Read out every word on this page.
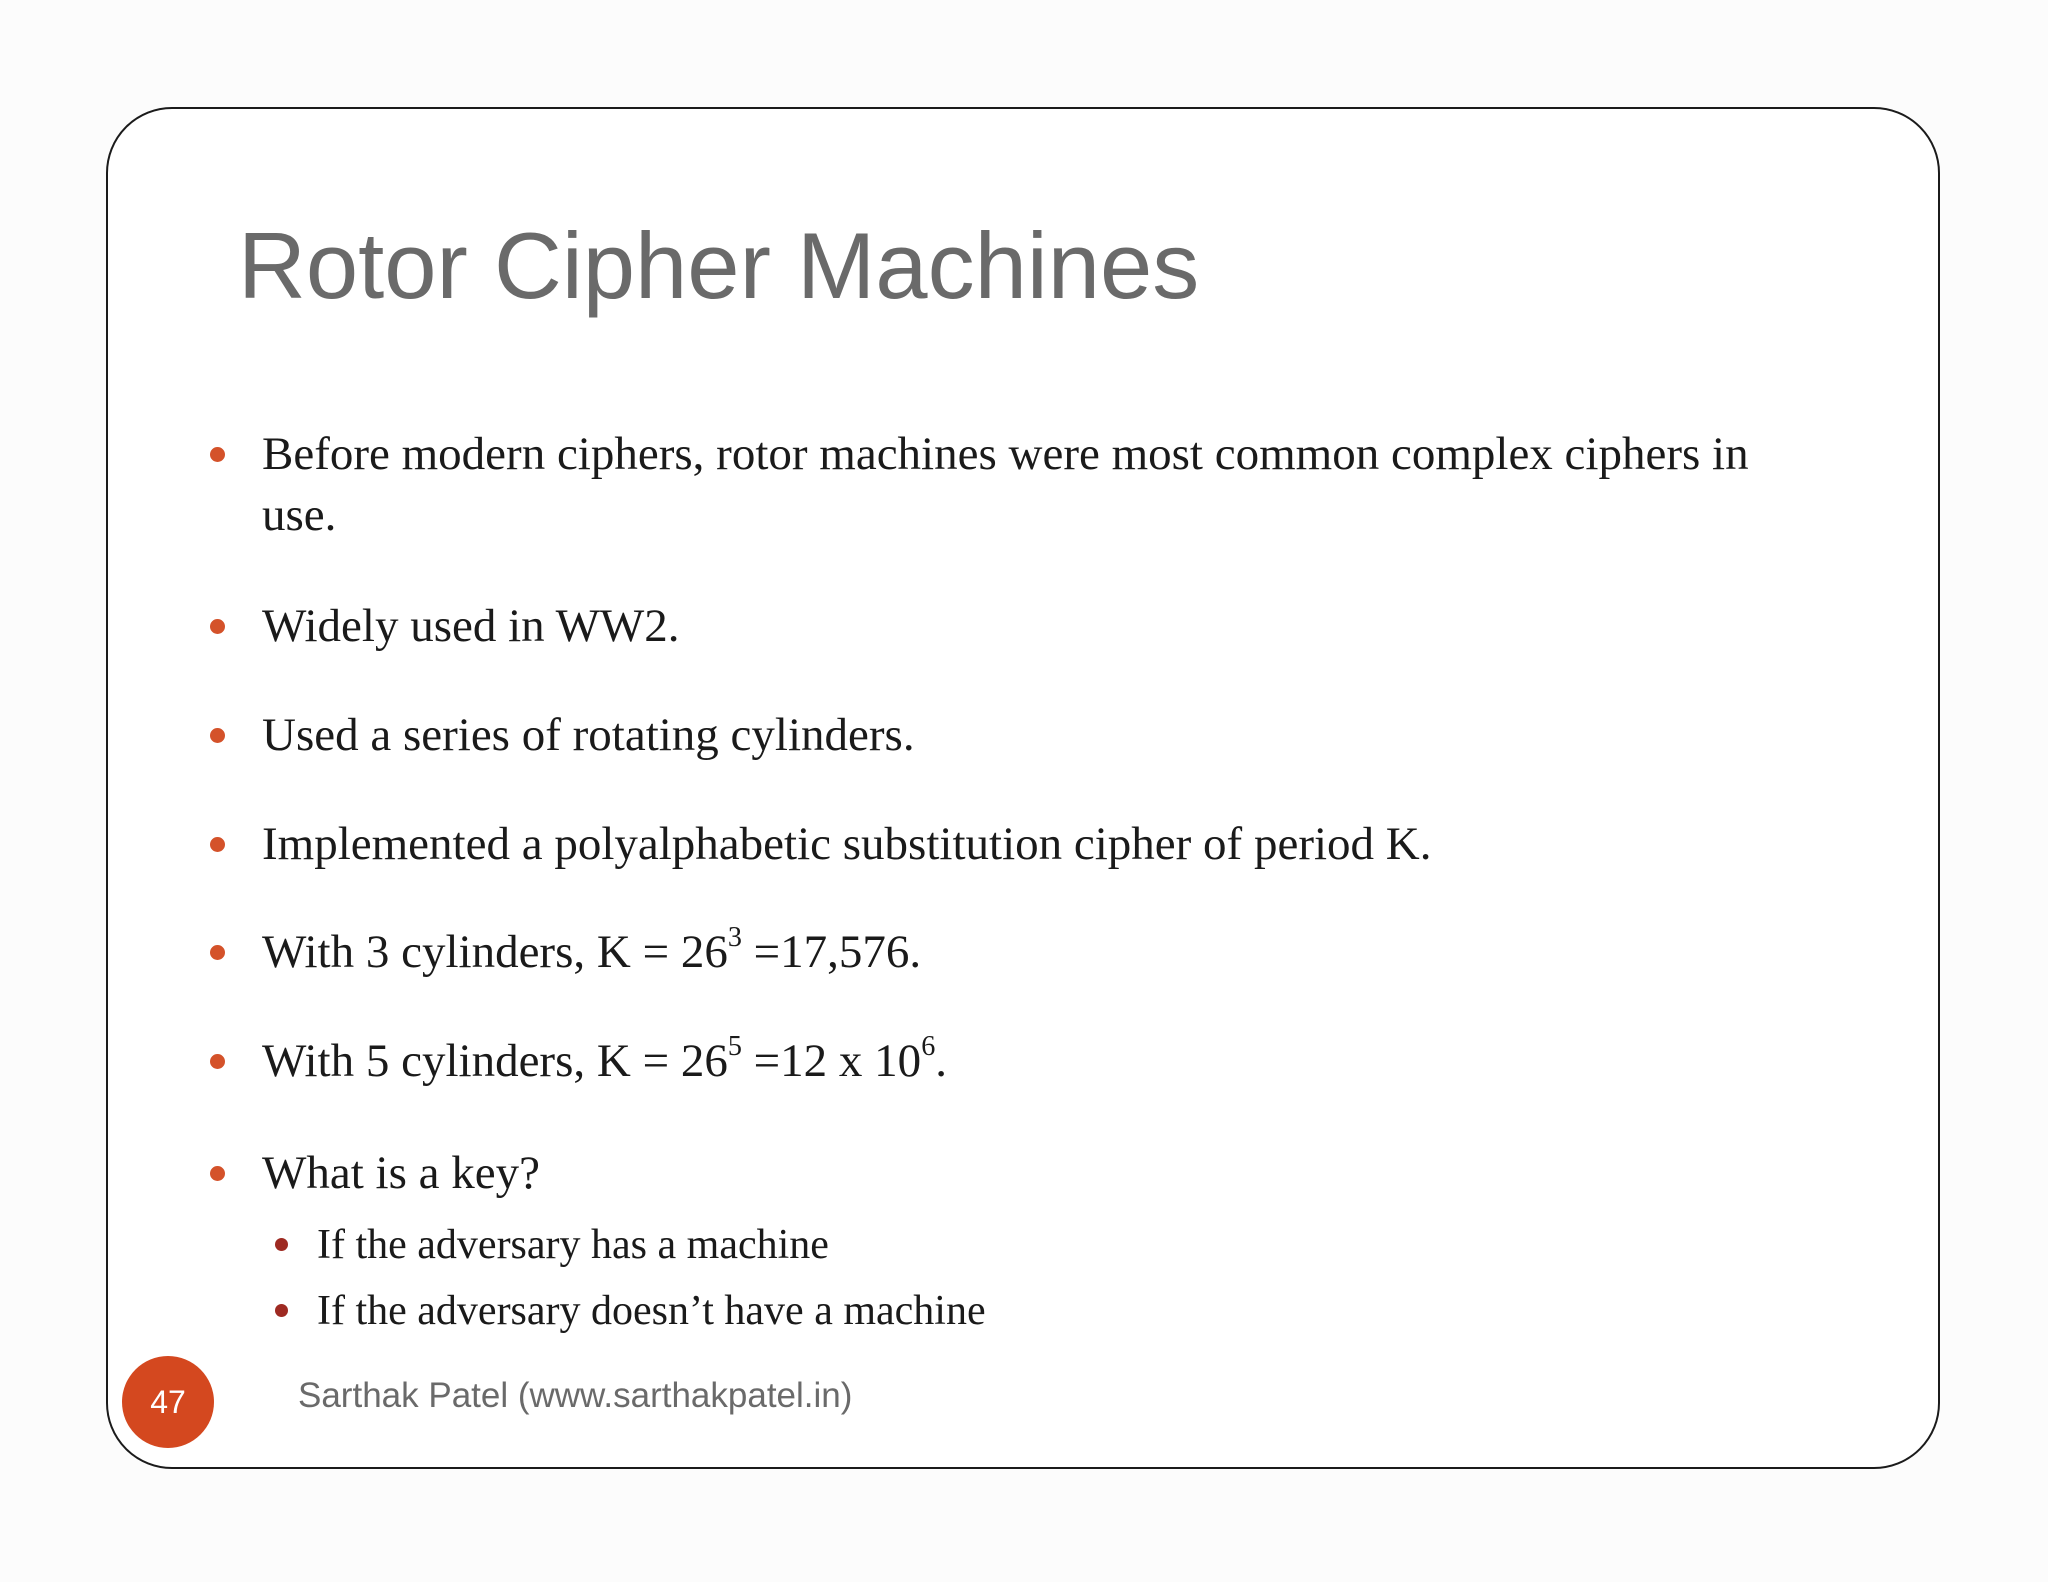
Rotor Cipher Machines
Before modern ciphers, rotor machines were most common complex ciphers in use.
Widely used in WW2.
Used a series of rotating cylinders.
Implemented a polyalphabetic substitution cipher of period K.
With 3 cylinders, $K = 26^3 =17,576$.
With 5 cylinders, $K = 26^5 =12$ x $10^6$.
What is a key?
If the adversary has a machine
If the adversary doesn’t have a machine
47	Sarthak Patel (www.sarthakpatel.in)
